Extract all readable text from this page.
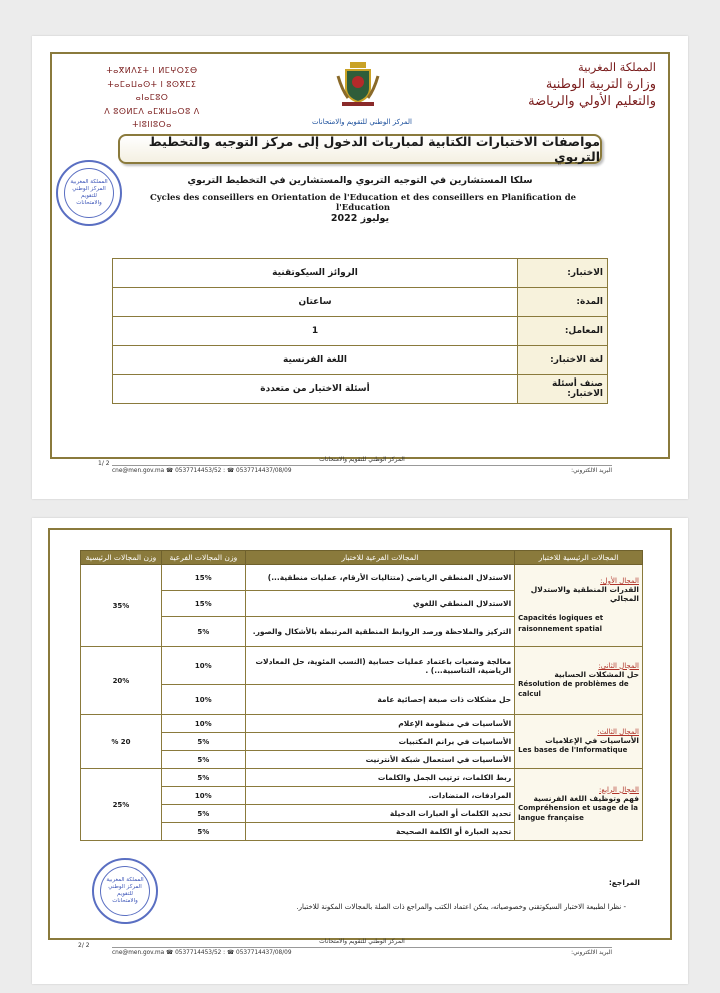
ⵜⴰⴳⵍⴷⵉⵜ ⵏ ⵍⵎⵖⵔⵉⴱ
ⵜⴰⵎⴰⵡⴰⵙⵜ ⵏ ⵓⵙⴳⵎⵉ ⴰⵏⴰⵎⵓⵔ
ⴷ ⵓⵙⵍⵎⴷ ⴰⵎⵣⵡⴰⵔⵓ ⴷ ⵜⵏⵓⵏⵏⵓⵔⴰ
المملكة المغربية
وزارة التربية الوطنية
والتعليم الأولي والرياضة
المركز الوطني للتقويم والامتحانات
مواصفات الاختبارات الكتابية لمباريات الدخول إلى مركز التوجيه والتخطيط التربوي
سلكا المستشارين في التوجيه التربوي والمستشارين في التخطيط التربوي
Cycles des conseillers en Orientation de l'Education et des conseillers en Planification de l'Education
يوليوز 2022
المملكة المغربية المركز الوطني للتقويم والامتحانات
الاختبار:	الروائز السيكوتقنية
المدة:	ساعتان
المعامل:	1
لغة الاختبار:	اللغة الفرنسية
صنف أسئلة الاختبار:	أسئلة الاختيار من متعددة
المركز الوطني للتقويم والامتحانات
البريد الالكتروني:
cne@men.gov.ma ☎ 0537714453/52 : ☎ 0537714437/08/09
1/ 2
المجالات الرئيسية للاختبار	المجالات الفرعية للاختبار	وزن المجالات الفرعية	وزن المجالات الرئيسية

المجال الأول:
القدرات المنطقية والاستدلال المجالي
Capacités logiques et raisonnement spatial	الاستدلال المنطقي الرياضي (متتاليات الأرقام، عمليات منطقية...)	15%	35%
	الاستدلال المنطقي اللغوي	15%	
	التركيز والملاحظة ورصد الروابط المنطقية المرتبطة بالأشكال والصور.	5%	

المجال الثاني:
حل المشكلات الحسابية
Résolution de problèmes de calcul	معالجة وضعيات باعتماد عمليات حسابية (النسب المئوية، حل المعادلات الرياضية، التناسبية...) .	10%	20%
	حل مشكلات ذات صبغة إحصائية عامة	10%	

المجال الثالث:
الأساسيات في الإعلاميات
Les bases de l'Informatique	الأساسيات في منظومة الإعلام	10%	20 %
	الأساسيات في برانم المكتبيات	5%	
	الأساسيات في استعمال شبكة الأنترنيت	5%	

المجال الرابع:
فهم وتوظيف اللغة الفرنسية
Compréhension et usage de la langue française	ربط الكلمات، ترتيب الجمل والكلمات	5%	25%
	المرادفات، المتضادات.	10%	
	تحديد الكلمات أو العبارات الدخيلة	5%	
	تحديد العبارة أو الكلمة الصحيحة	5%	
المراجع:
- نظرا لطبيعة الاختبار السيكوتقني وخصوصياته، يمكن اعتماد الكتب والمراجع ذات الصلة بالمجالات المكونة للاختبار.
المملكة المغربية المركز الوطني للتقويم والامتحانات
المركز الوطني للتقويم والامتحانات
البريد الالكتروني:
cne@men.gov.ma ☎ 0537714453/52 : ☎ 0537714437/08/09
2/ 2
